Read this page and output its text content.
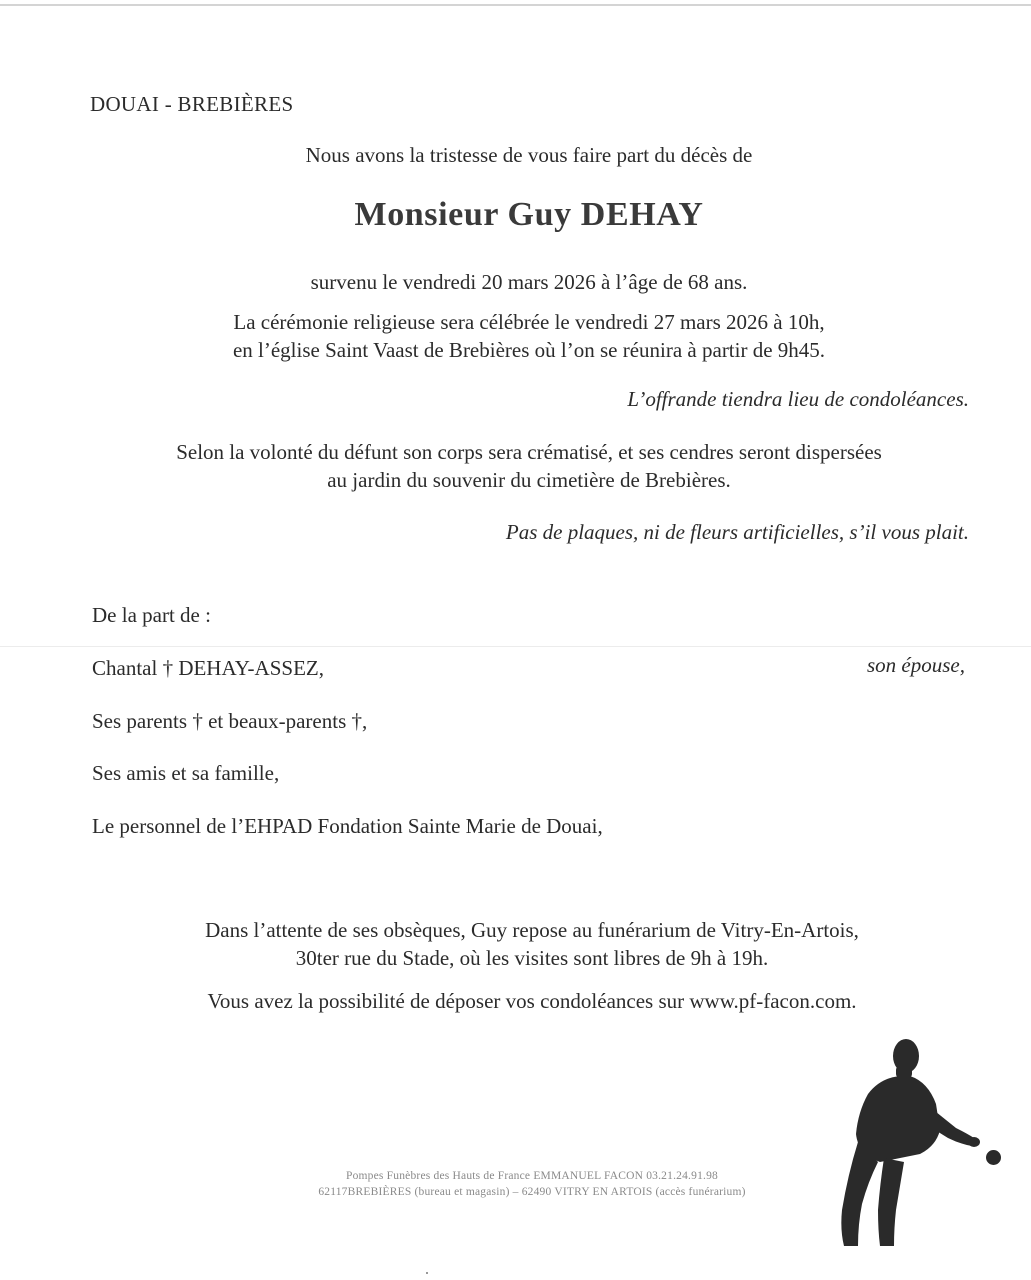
DOUAI - BREBIÈRES
Nous avons la tristesse de vous faire part du décès de
Monsieur Guy DEHAY
survenu le vendredi 20 mars 2026 à l’âge de 68 ans.
La cérémonie religieuse sera célébrée le vendredi 27 mars 2026 à 10h,
en l’église Saint Vaast de Brebières où l’on se réunira à partir de 9h45.
L’offrande tiendra lieu de condoléances.
Selon la volonté du défunt son corps sera crématisé, et ses cendres seront dispersées
au jardin du souvenir du cimetière de Brebières.
Pas de plaques, ni de fleurs artificielles, s’il vous plait.
De la part de :
Chantal † DEHAY-ASSEZ,	son épouse,
Ses parents † et beaux-parents †,
Ses amis et sa famille,
Le personnel de l’EHPAD Fondation Sainte Marie de Douai,
Dans l’attente de ses obsèques, Guy repose au funérarium de Vitry-En-Artois,
30ter rue du Stade, où les visites sont libres de 9h à 19h.
Vous avez la possibilité de déposer vos condoléances sur www.pf-facon.com.
Pompes Funèbres des Hauts de France EMMANUEL FACON 03.21.24.91.98
62117BREBIÈRES (bureau et magasin) – 62490 VITRY EN ARTOIS (accès funérarium)
